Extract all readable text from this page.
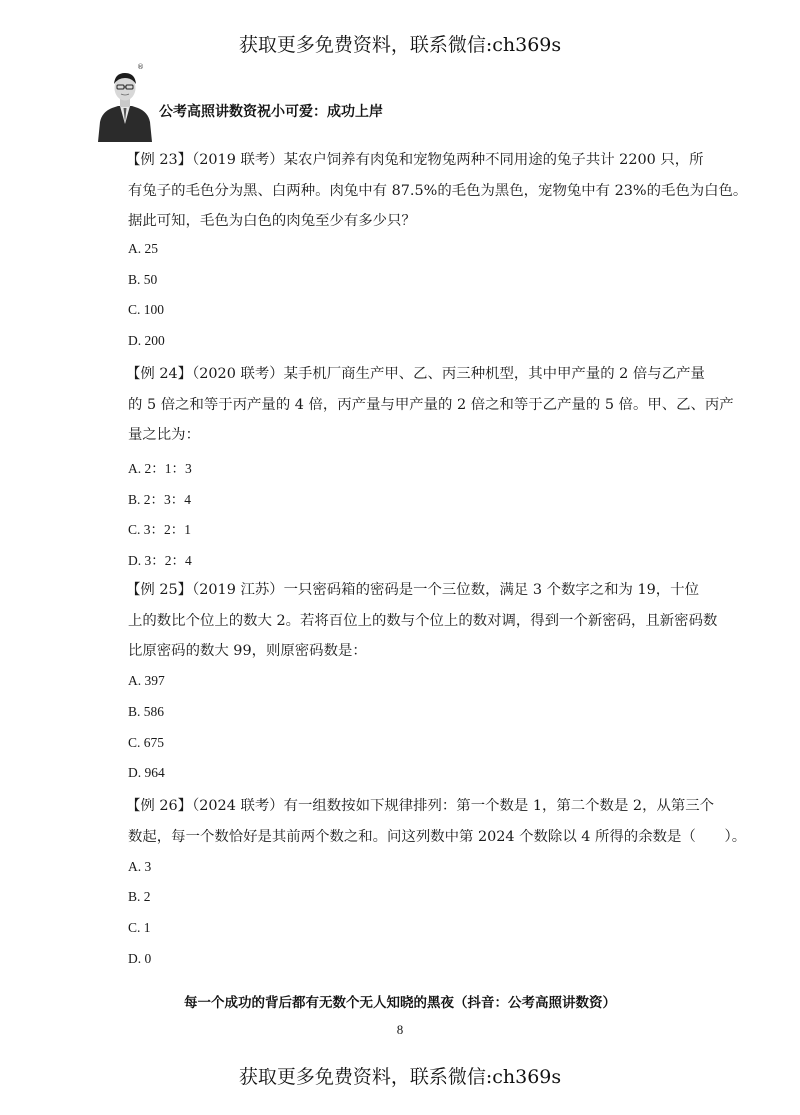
获取更多免费资料，联系微信:ch369s
®
公考高照讲数资祝小可爱：成功上岸
【例 23】（2019 联考）某农户饲养有肉兔和宠物兔两种不同用途的兔子共计 2200 只，所
有兔子的毛色分为黑、白两种。肉兔中有 87.5%的毛色为黑色，宠物兔中有 23%的毛色为白色。
据此可知，毛色为白色的肉兔至少有多少只？
A. 25
B. 50
C. 100
D. 200
【例 24】（2020 联考）某手机厂商生产甲、乙、丙三种机型，其中甲产量的 2 倍与乙产量
的 5 倍之和等于丙产量的 4 倍，丙产量与甲产量的 2 倍之和等于乙产量的 5 倍。甲、乙、丙产
量之比为：
A. 2：1：3
B. 2：3：4
C. 3：2：1
D. 3：2：4
【例 25】（2019 江苏）一只密码箱的密码是一个三位数，满足 3 个数字之和为 19，十位
上的数比个位上的数大 2。若将百位上的数与个位上的数对调，得到一个新密码，且新密码数
比原密码的数大 99，则原密码数是：
A. 397
B. 586
C. 675
D. 964
【例 26】（2024 联考）有一组数按如下规律排列：第一个数是 1，第二个数是 2，从第三个
数起，每一个数恰好是其前两个数之和。问这列数中第 2024 个数除以 4 所得的余数是（　　）。
A. 3
B. 2
C. 1
D. 0
每一个成功的背后都有无数个无人知晓的黑夜（抖音：公考高照讲数资）
8
获取更多免费资料，联系微信:ch369s
